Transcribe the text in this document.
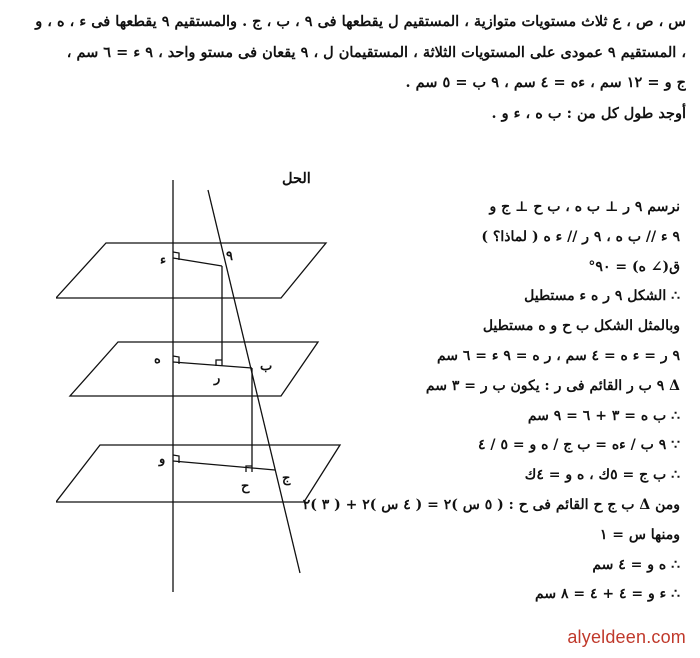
س ، ص ، ع ثلاث مستويات متوازية ، المستقيم ل يقطعها فى ٩ ، ب ، ج . والمستقيم ٩ يقطعها فى ء ، ه ، و
، المستقيم ٩ عمودى على المستويات الثلاثة ، المستقيمان ل ، ٩ يقعان فى مستو واحد ، ٩ ء = ٦ سم ،
ج و = ١٢ سم ، ءه = ٤ سم ، ٩ ب = ٥ سم .
أوجد طول كل من : ب ه ، ء و .
الحل
ء	٩
ه
ر
ب
و
ح
ج
نرسم ٩ ر ⊥ ب ه ، ب ح ⊥ ج و
٩ ء // ب ه ، ٩ ر // ء ه ( لماذا؟ )
ق(∠ ه) = ٩٠°
∴ الشكل ٩ ر ه ء مستطيل
وبالمثل الشكل ب ح و ه مستطيل
٩ ر = ء ه = ٤ سم ، ر ه = ٩ ء = ٦ سم
Δ ٩ ب ر القائم فى ر : يكون ب ر = ٣ سم
∴ ب ه = ٣ + ٦ = ٩ سم
∵ ٩ ب / ءه = ب ج / ه و = ٥ / ٤
∴ ب ج = ٥ك ، ه و = ٤ك
ومن Δ ب ج ح القائم فى ح : ( ٥ س )٢ = ( ٤ س )٢ + ( ٣ )٢
ومنها س = ١
∴ ه و = ٤ سم
∴ ء و = ٤ + ٤ = ٨ سم
alyeldeen.com
